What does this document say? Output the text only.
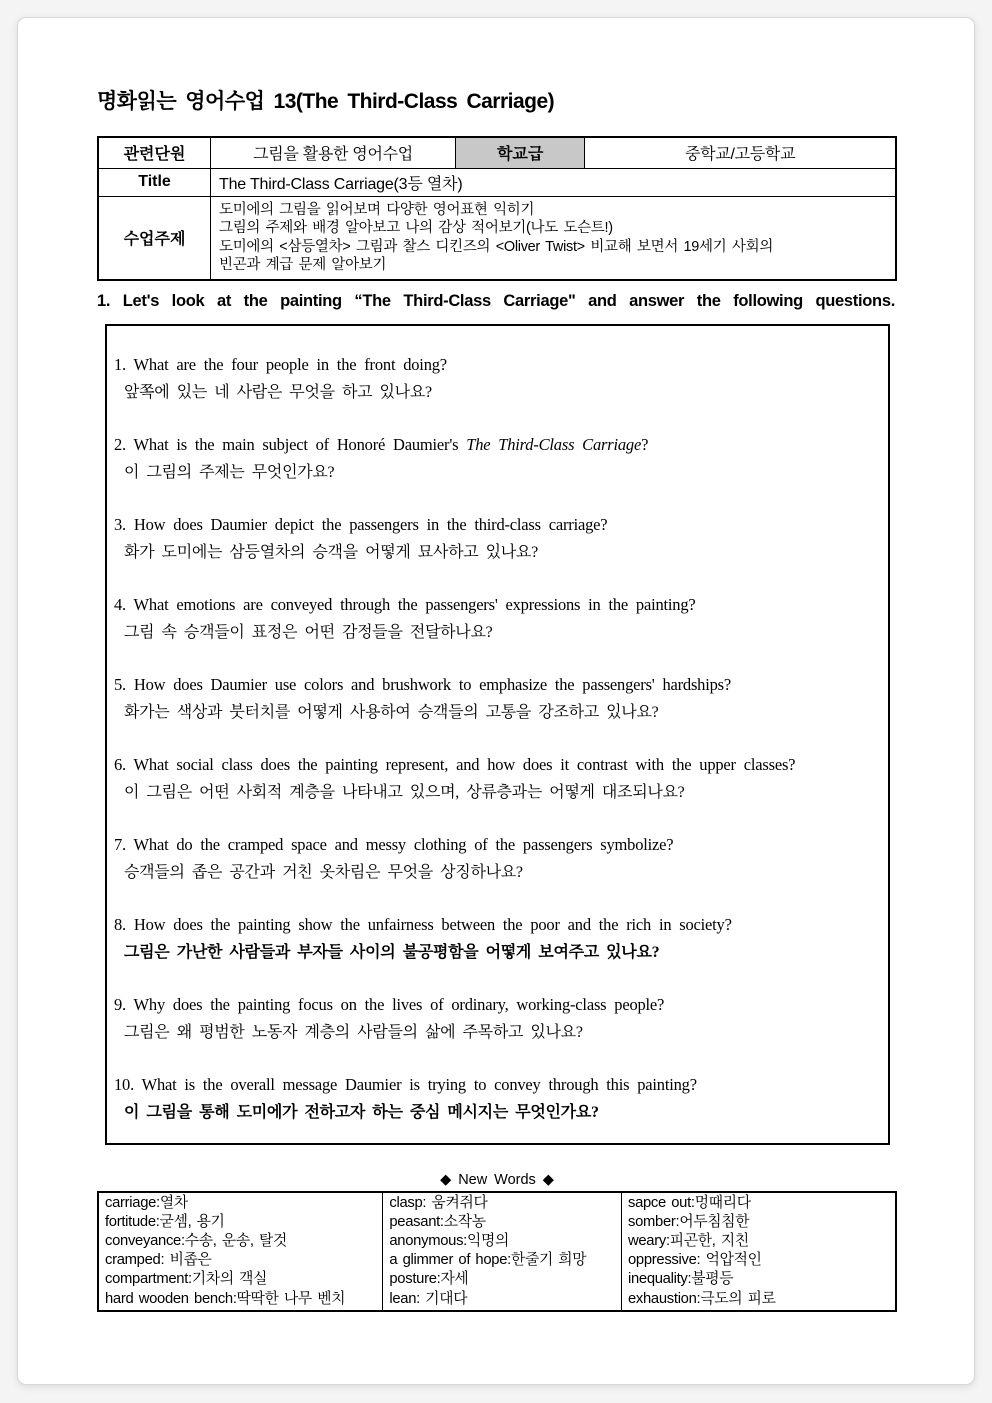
명화읽는 영어수업 13(The Third-Class Carriage)
관련단원	그림을 활용한 영어수업	학교급	중학교/고등학교
Title	The Third-Class Carriage(3등 열차)		
수업주제	도미에의 그림을 읽어보며 다양한 영어표현 익히기
그림의 주제와 배경 알아보고 나의 감상 적어보기(나도 도슨트!)
도미에의 <삼등열차> 그림과 찰스 디킨즈의 <Oliver Twist> 비교해 보면서 19세기 사회의
빈곤과 계급 문제 알아보기		
1. Let's look at the painting “The Third-Class Carriage" and answer the following questions.
1. What are the four people in the front doing?
앞쪽에 있는 네 사람은 무엇을 하고 있나요?
2. What is the main subject of Honoré Daumier's The Third-Class Carriage?
이 그림의 주제는 무엇인가요?
3. How does Daumier depict the passengers in the third-class carriage?
화가 도미에는 삼등열차의 승객을 어떻게 묘사하고 있나요?
4. What emotions are conveyed through the passengers' expressions in the painting?
그림 속 승객들이 표정은 어떤 감정들을 전달하나요?
5. How does Daumier use colors and brushwork to emphasize the passengers' hardships?
화가는 색상과 붓터치를 어떻게 사용하여 승객들의 고통을 강조하고 있나요?
6. What social class does the painting represent, and how does it contrast with the upper classes?
이 그림은 어떤 사회적 계층을 나타내고 있으며, 상류층과는 어떻게 대조되나요?
7. What do the cramped space and messy clothing of the passengers symbolize?
승객들의 좁은 공간과 거친 옷차림은 무엇을 상징하나요?
8. How does the painting show the unfairness between the poor and the rich in society?
그림은 가난한 사람들과 부자들 사이의 불공평함을 어떻게 보여주고 있나요?
9. Why does the painting focus on the lives of ordinary, working-class people?
그림은 왜 평범한 노동자 계층의 사람들의 삶에 주목하고 있나요?
10. What is the overall message Daumier is trying to convey through this painting?
이 그림을 통해 도미에가 전하고자 하는 중심 메시지는 무엇인가요?
◆ New Words ◆
carriage:열차
fortitude:굳셈, 용기
conveyance:수송, 운송, 탈것
cramped: 비좁은
compartment:기차의 객실
hard wooden bench:딱딱한 나무 벤치

clasp: 움켜쥐다
peasant:소작농
anonymous:익명의
a glimmer of hope:한줄기 희망
posture:자세
lean: 기대다

sapce out:멍때리다
somber:어두침침한
weary:피곤한, 지친
oppressive: 억압적인
inequality:불평등
exhaustion:극도의 피로
